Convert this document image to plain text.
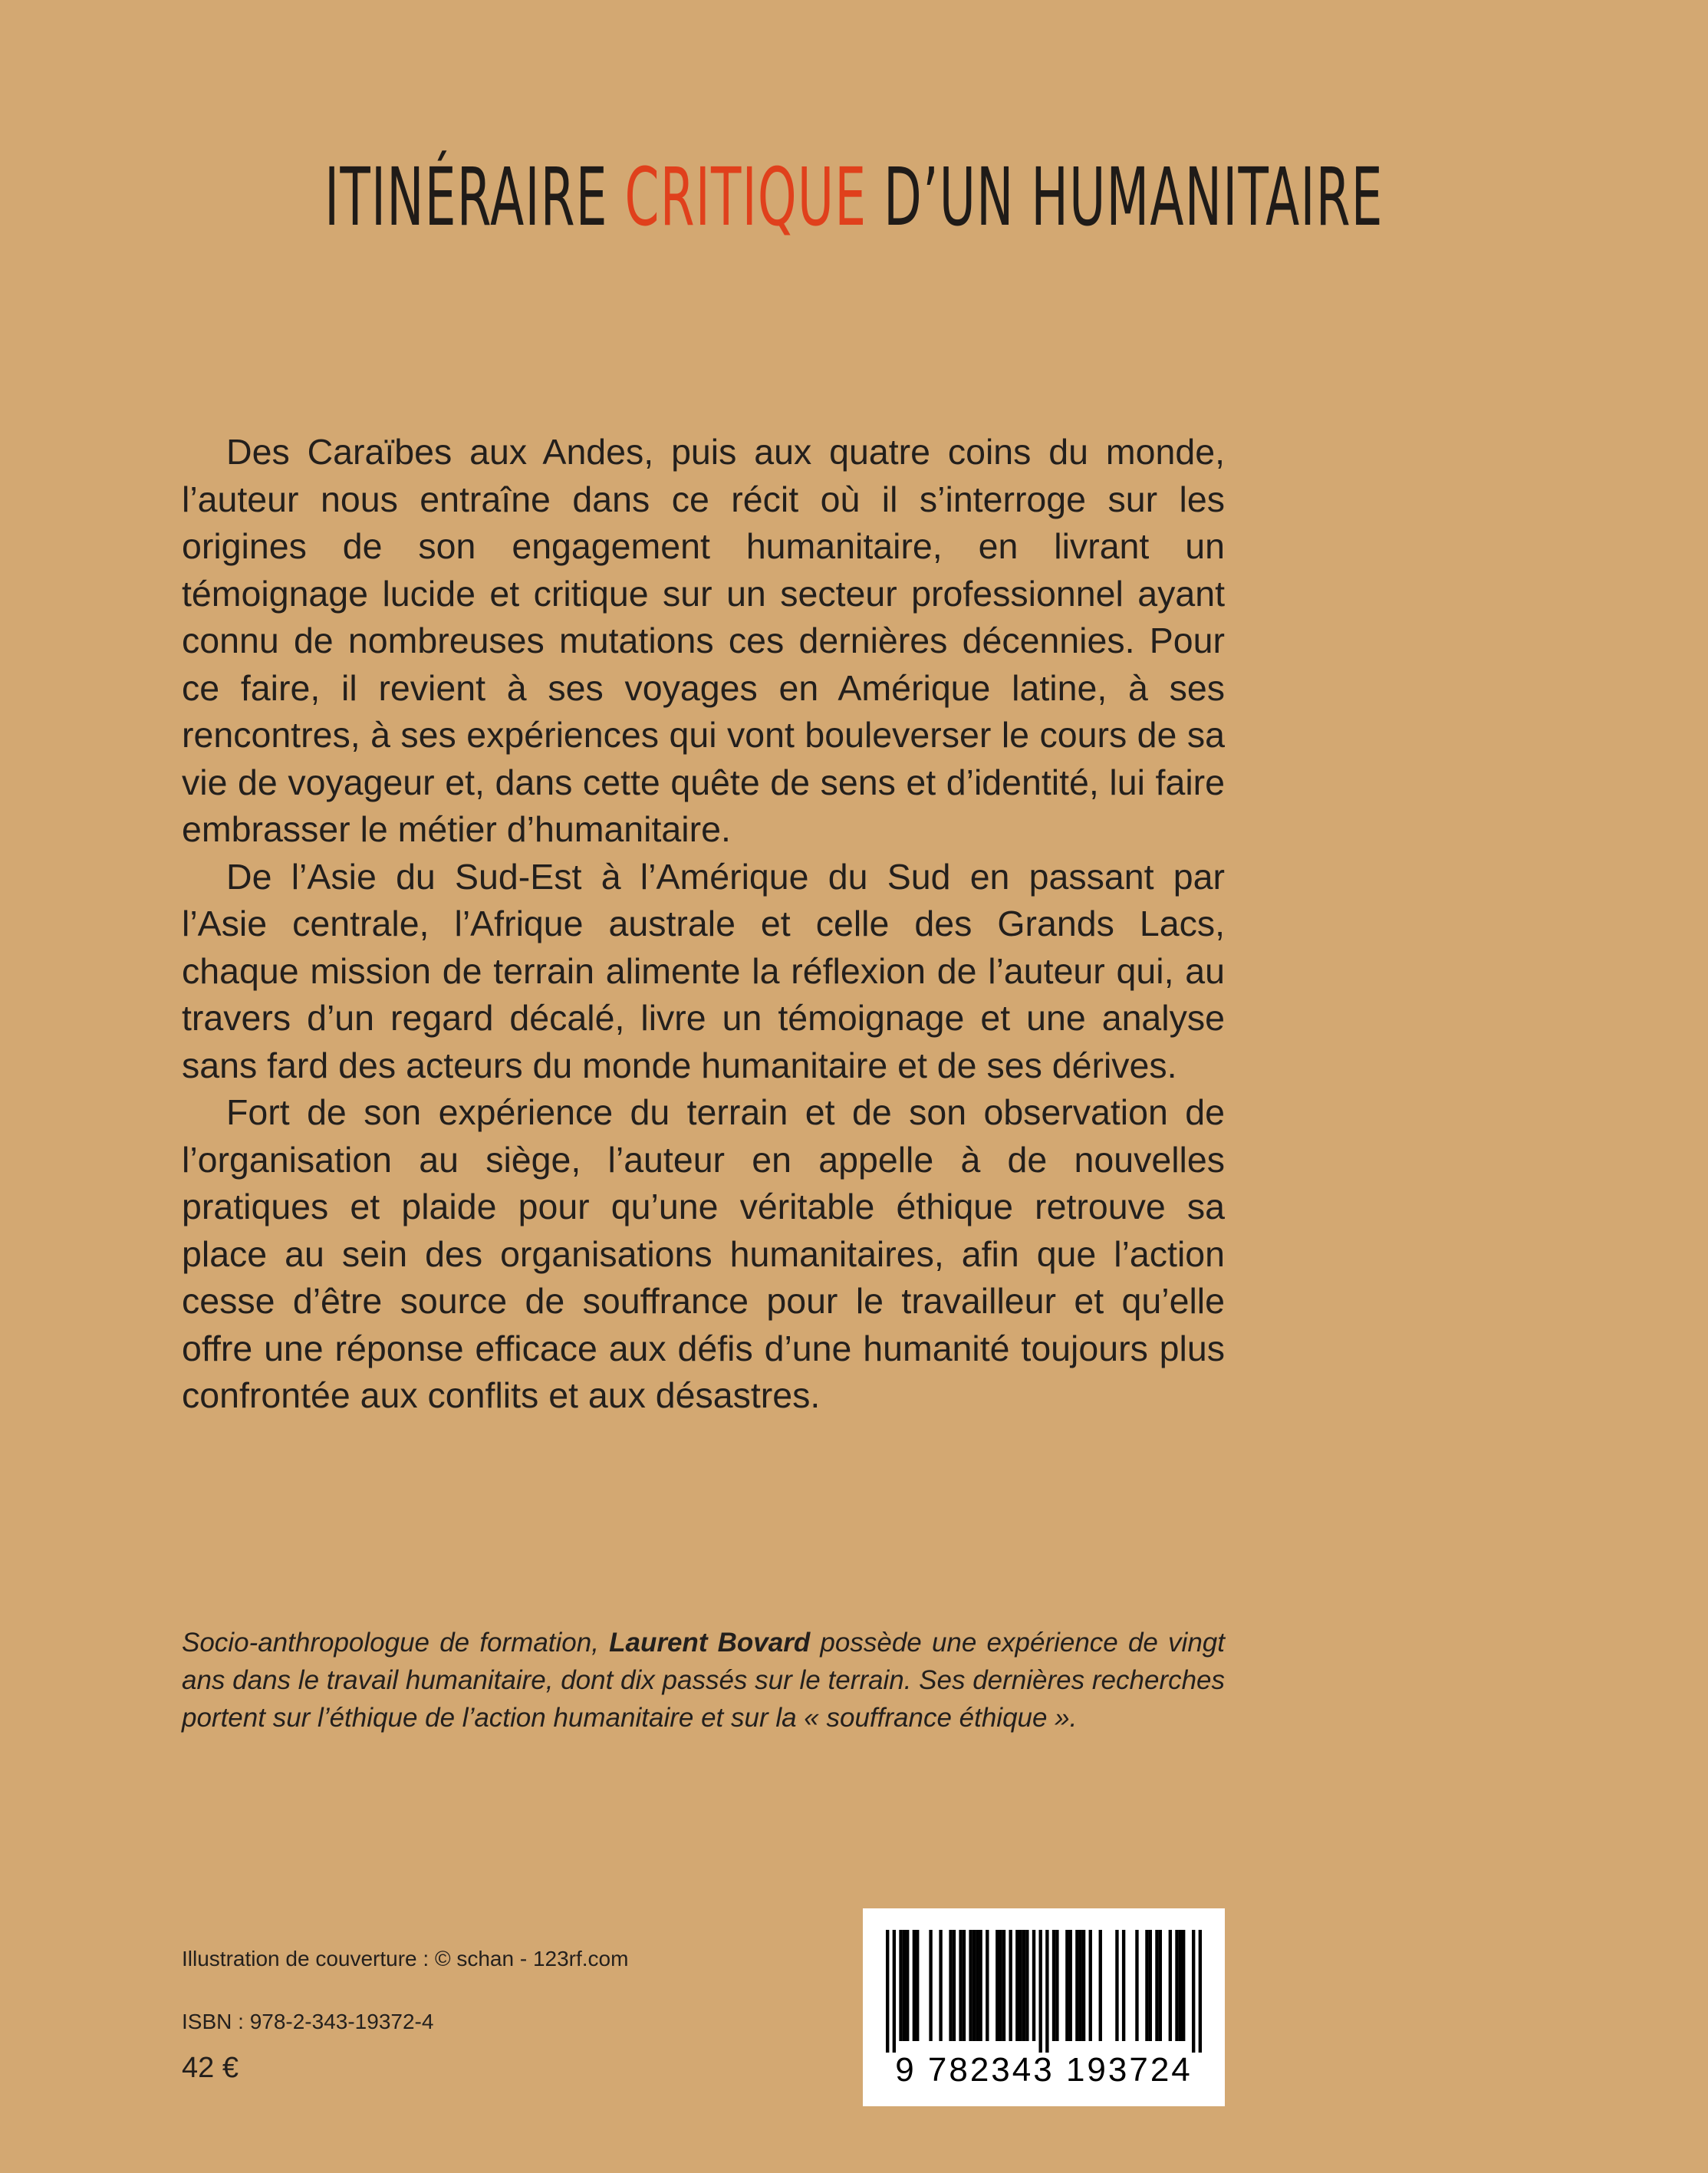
ITINÉRAIRE CRITIQUE D’UN HUMANITAIRE

Des Caraïbes aux Andes, puis aux quatre coins du monde, l’auteur nous entraîne dans ce récit où il s’interroge sur les origines de son engagement humanitaire, en livrant un témoignage lucide et critique sur un secteur professionnel ayant connu de nombreuses mutations ces dernières décennies. Pour ce faire, il revient à ses voyages en Amérique latine, à ses rencontres, à ses expériences qui vont bouleverser le cours de sa vie de voyageur et, dans cette quête de sens et d’identité, lui faire embrasser le métier d’humanitaire.

De l’Asie du Sud-Est à l’Amérique du Sud en passant par l’Asie centrale, l’Afrique australe et celle des Grands Lacs, chaque mission de terrain alimente la réflexion de l’auteur qui, au travers d’un regard décalé, livre un témoignage et une analyse sans fard des acteurs du monde humanitaire et de ses dérives.

Fort de son expérience du terrain et de son observation de l’organisation au siège, l’auteur en appelle à de nouvelles pratiques et plaide pour qu’une véritable éthique retrouve sa place au sein des organisations humanitaires, afin que l’action cesse d’être source de souffrance pour le travailleur et qu’elle offre une réponse efficace aux défis d’une humanité toujours plus confrontée aux conflits et aux désastres.

Socio-anthropologue de formation, Laurent Bovard possède une expérience de vingt ans dans le travail humanitaire, dont dix passés sur le terrain. Ses dernières recherches portent sur l’éthique de l’action humanitaire et sur la « souffrance éthique ».
Illustration de couverture : © schan - 123rf.com
ISBN : 978-2-343-19372-4
42 €	9 782343 193724
